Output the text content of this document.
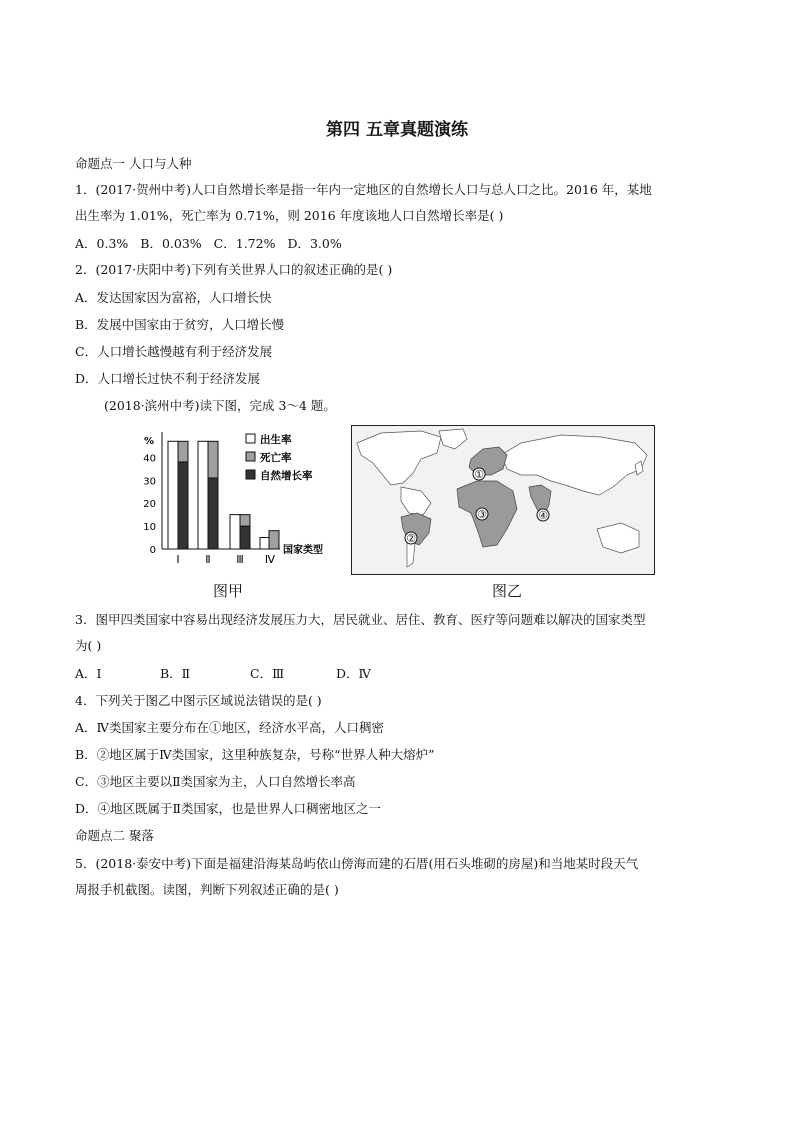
第四 五章真题演练
命题点一 人口与人种
1．(2017·贺州中考)人口自然增长率是指一年内一定地区的自然增长人口与总人口之比。2016 年，某地
出生率为 1.01%，死亡率为 0.71%，则 2016 年度该地人口自然增长率是( )
A．0.3% B．0.03% C．1.72% D．3.0%
2．(2017·庆阳中考)下列有关世界人口的叙述正确的是( )
A．发达国家因为富裕，人口增长快
B．发展中国家由于贫穷，人口增长慢
C．人口增长越慢越有利于经济发展
D．人口增长过快不利于经济发展
(2018·滨州中考)读下图，完成 3～4 题。
%
0
10
20
30
40
Ⅰ Ⅱ Ⅲ Ⅳ
国家类型
出生率
死亡率
自然增长率	①
②
③	④
图甲	图乙
3．图甲四类国家中容易出现经济发展压力大，居民就业、居住、教育、医疗等问题难以解决的国家类型
为( )
A．Ⅰ	B．Ⅱ	C．Ⅲ	D．Ⅳ
4．下列关于图乙中图示区域说法错误的是( )
A．Ⅳ类国家主要分布在①地区，经济水平高，人口稠密
B．②地区属于Ⅳ类国家，这里种族复杂，号称“世界人种大熔炉”
C．③地区主要以Ⅱ类国家为主，人口自然增长率高
D．④地区既属于Ⅱ类国家，也是世界人口稠密地区之一
命题点二 聚落
5．(2018·泰安中考)下面是福建沿海某岛屿依山傍海而建的石厝(用石头堆砌的房屋)和当地某时段天气
周报手机截图。读图，判断下列叙述正确的是( )
